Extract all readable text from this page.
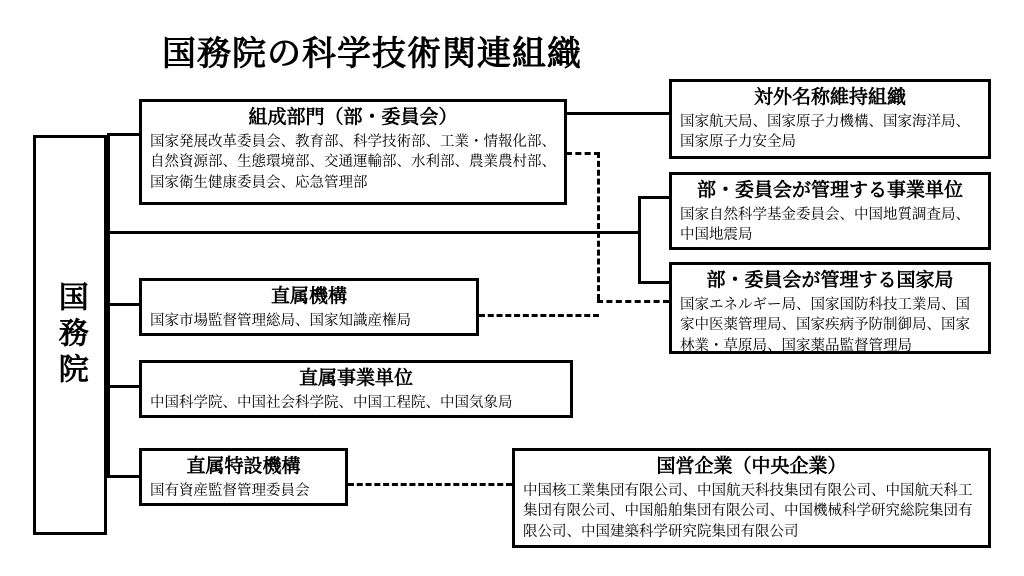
国務院の科学技術関連組織
国務院
組成部門（部・委員会）
国家発展改革委員会、教育部、科学技術部、工業・情報化部、自然資源部、生態環境部、交通運輸部、水利部、農業農村部、国家衛生健康委員会、応急管理部
直属機構
国家市場監督管理総局、国家知識産権局
直属事業単位
中国科学院、中国社会科学院、中国工程院、中国気象局
直属特設機構
国有資産監督管理委員会
対外名称維持組織
国家航天局、国家原子力機構、国家海洋局、国家原子力安全局
部・委員会が管理する事業単位
国家自然科学基金委員会、中国地質調査局、中国地震局
部・委員会が管理する国家局
国家エネルギー局、国家国防科技工業局、国家中医薬管理局、国家疾病予防制御局、国家林業・草原局、国家薬品監督管理局
国営企業（中央企業）
中国核工業集団有限公司、中国航天科技集団有限公司、中国航天科工集団有限公司、中国船舶集団有限公司、中国機械科学研究総院集団有限公司、中国建築科学研究院集団有限公司
